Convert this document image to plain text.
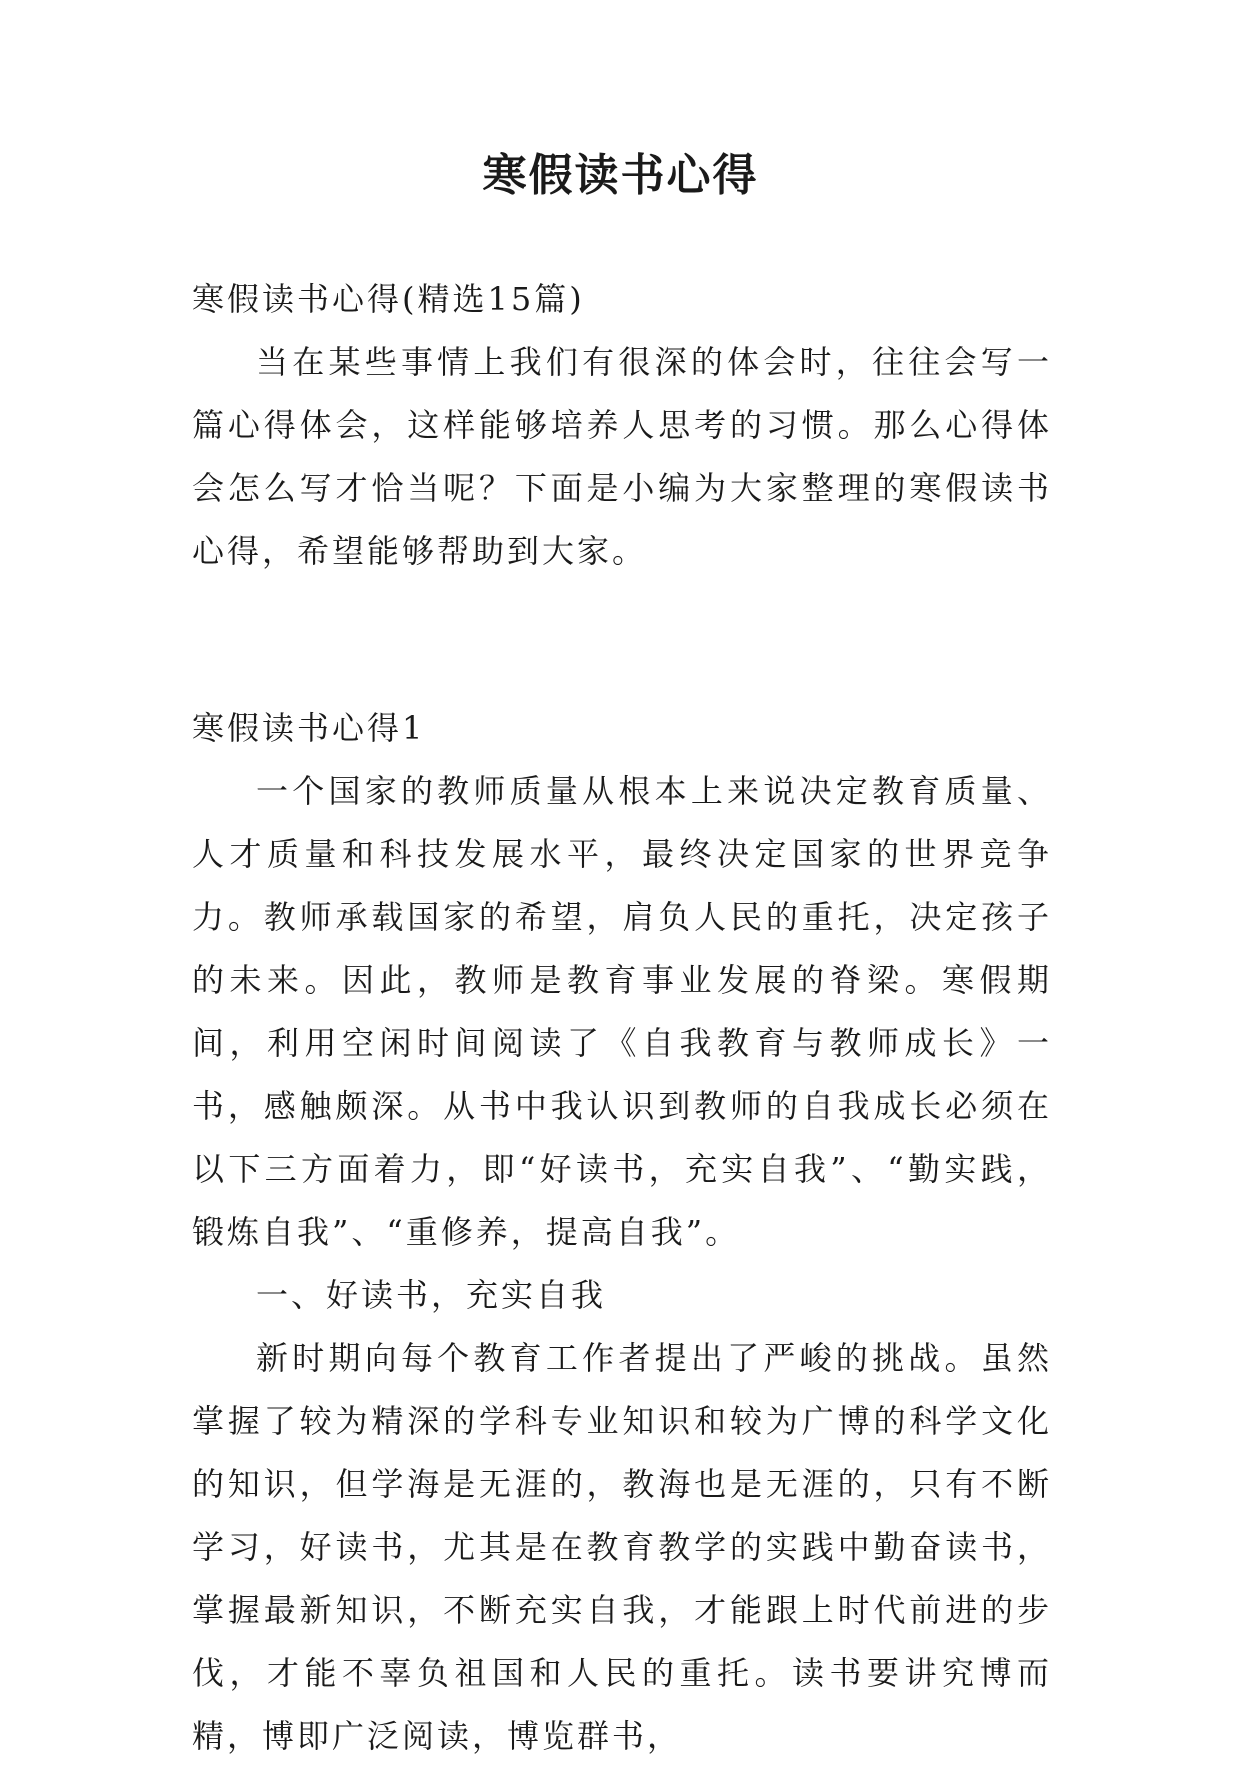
寒假读书心得

寒假读书心得(精选15篇)

当在某些事情上我们有很深的体会时，往往会写一篇心得体会，这样能够培养人思考的习惯。那么心得体会怎么写才恰当呢？下面是小编为大家整理的寒假读书心得，希望能够帮助到大家。

寒假读书心得1

一个国家的教师质量从根本上来说决定教育质量、人才质量和科技发展水平，最终决定国家的世界竞争力。教师承载国家的希望，肩负人民的重托，决定孩子的未来。因此，教师是教育事业发展的脊梁。寒假期间，利用空闲时间阅读了《自我教育与教师成长》一书，感触颇深。从书中我认识到教师的自我成长必须在以下三方面着力，即“好读书，充实自我”、“勤实践，锻炼自我”、“重修养，提高自我”。

一、好读书，充实自我

新时期向每个教育工作者提出了严峻的挑战。虽然掌握了较为精深的学科专业知识和较为广博的科学文化的知识，但学海是无涯的，教海也是无涯的，只有不断学习，好读书，尤其是在教育教学的实践中勤奋读书，掌握最新知识，不断充实自我，才能跟上时代前进的步伐，才能不辜负祖国和人民的重托。读书要讲究博而精，博即广泛阅读，博览群书，
